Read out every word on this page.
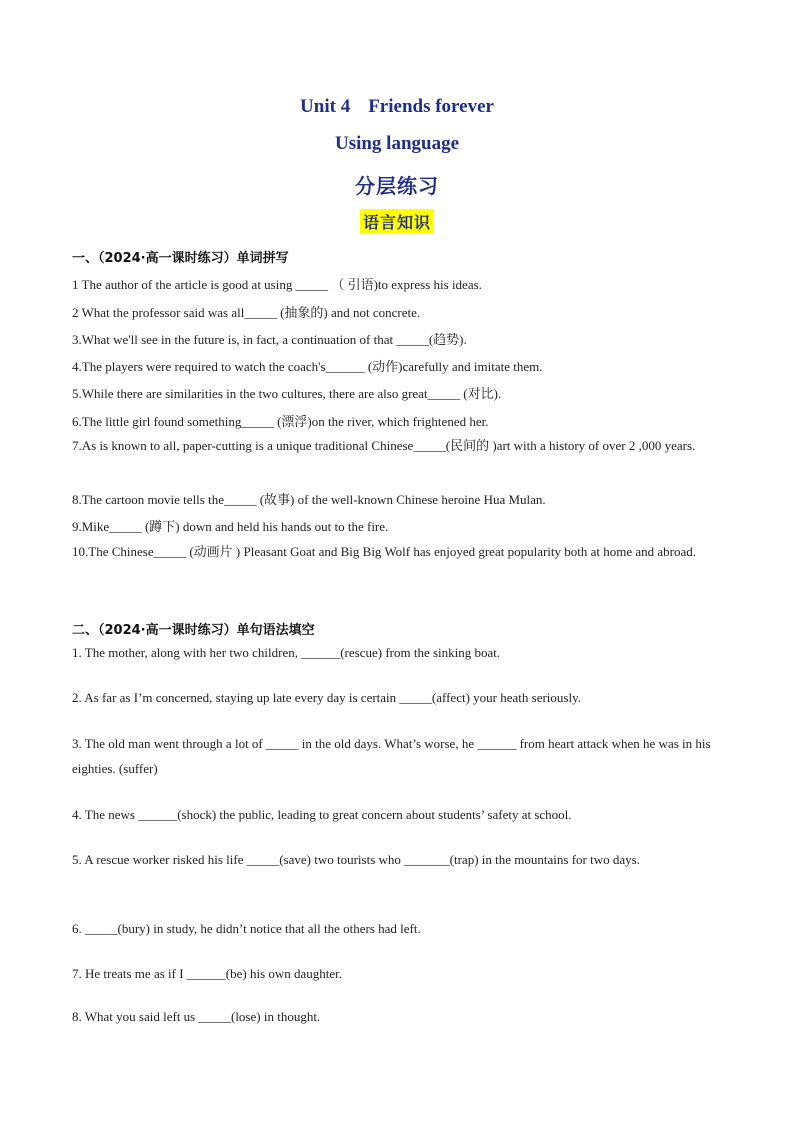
Unit 4 Friends forever
Using language
分层练习
语言知识
一、（2024·高一课时练习）单词拼写
1 The author of the article is good at using _____ （ 引语)to express his ideas.
2 What the professor said was all_____ (抽象的) and not concrete.
3.What we'll see in the future is, in fact, a continuation of that _____(趋势).
4.The players were required to watch the coach's______ (动作)carefully and imitate them.
5.While there are similarities in the two cultures, there are also great_____ (对比).
6.The little girl found something_____ (漂浮)on the river, which frightened her.
7.As is known to all, paper-cutting is a unique traditional Chinese_____(民间的 )art with a history of over 2 ,000 years.
8.The cartoon movie tells the_____ (故事) of the well-known Chinese heroine Hua Mulan.
9.Mike_____ (蹲下) down and held his hands out to the fire.
10.The Chinese_____ (动画片 ) Pleasant Goat and Big Big Wolf has enjoyed great popularity both at home and abroad.
二、（2024·高一课时练习）单句语法填空
1. The mother, along with her two children, ______(rescue) from the sinking boat.
2. As far as I’m concerned, staying up late every day is certain _____(affect) your heath seriously.
3. The old man went through a lot of _____ in the old days. What’s worse, he ______ from heart attack when he was in his eighties. (suffer)
4. The news ______(shock) the public, leading to great concern about students’ safety at school.
5. A rescue worker risked his life _____(save) two tourists who _______(trap) in the mountains for two days.
6. _____(bury) in study, he didn’t notice that all the others had left.
7. He treats me as if I ______(be) his own daughter.
8. What you said left us _____(lose) in thought.
